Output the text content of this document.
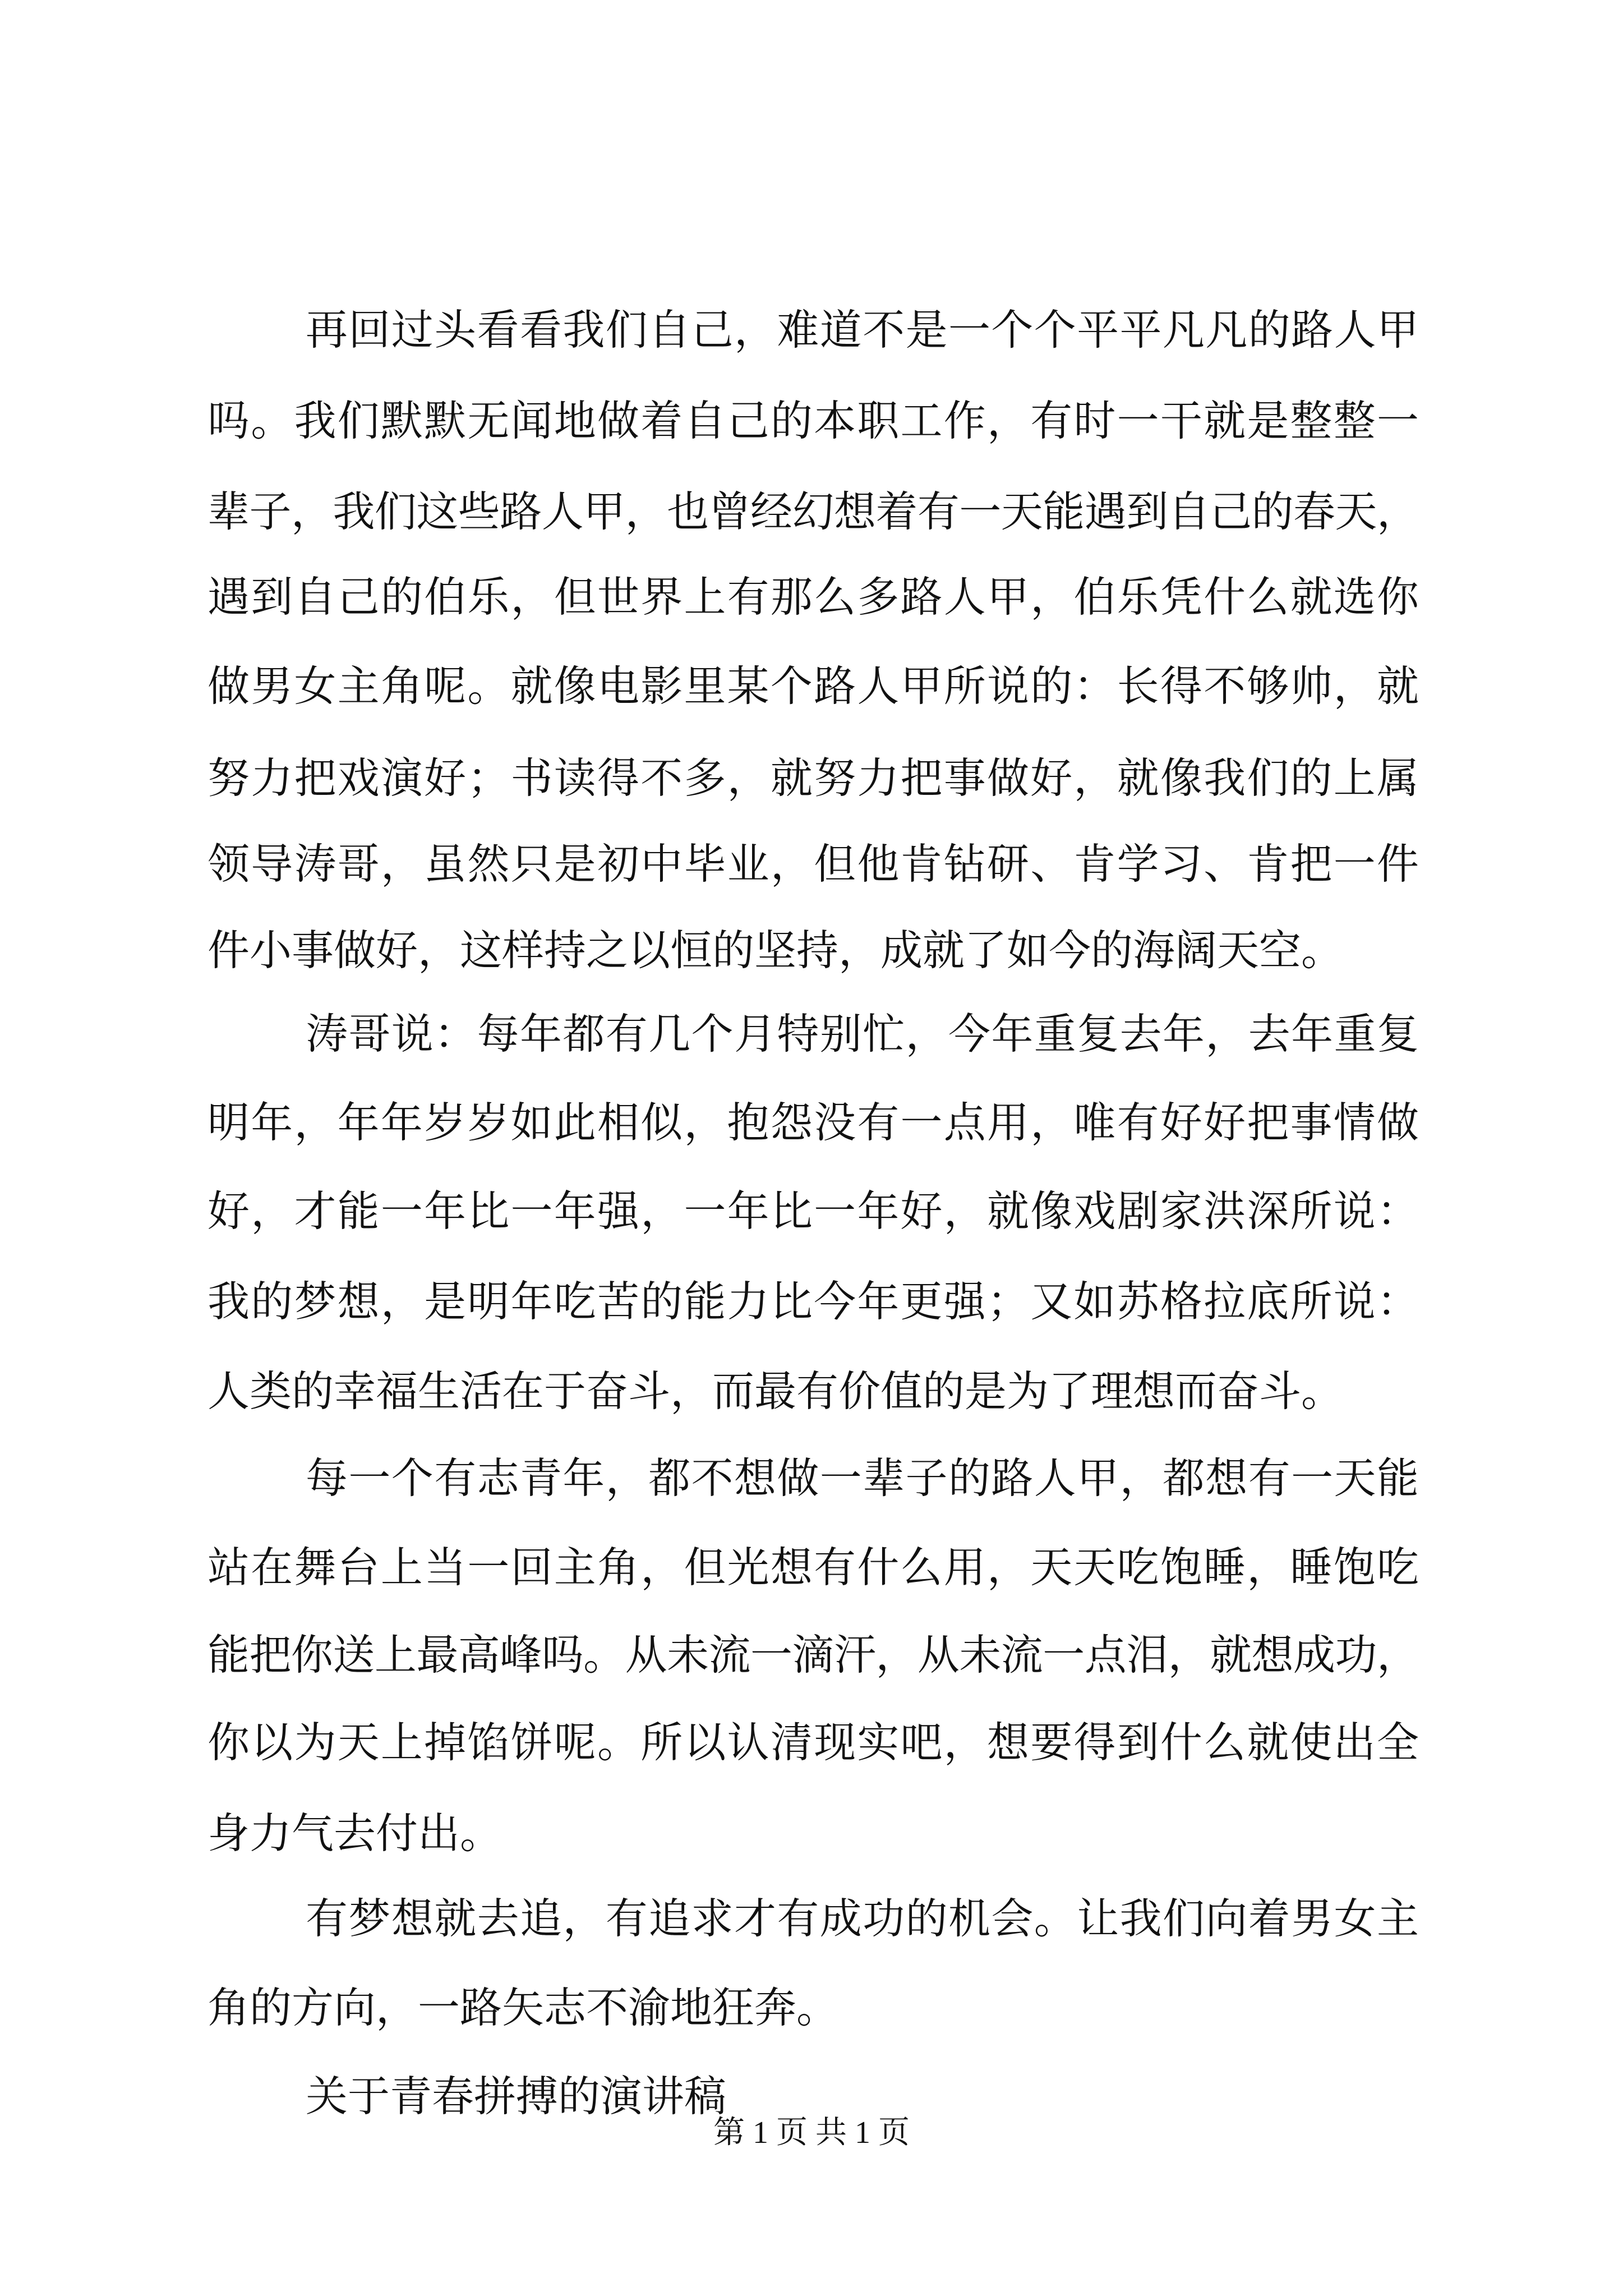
再回过头看看我们自己，难道不是一个个平平凡凡的路人甲
吗。我们默默无闻地做着自己的本职工作，有时一干就是整整一
辈子，我们这些路人甲，也曾经幻想着有一天能遇到自己的春天，
遇到自己的伯乐，但世界上有那么多路人甲，伯乐凭什么就选你
做男女主角呢。就像电影里某个路人甲所说的：长得不够帅，就
努力把戏演好；书读得不多，就努力把事做好，就像我们的上属
领导涛哥，虽然只是初中毕业，但他肯钻研、肯学习、肯把一件
件小事做好，这样持之以恒的坚持，成就了如今的海阔天空。
涛哥说：每年都有几个月特别忙，今年重复去年，去年重复
明年，年年岁岁如此相似，抱怨没有一点用，唯有好好把事情做
好，才能一年比一年强，一年比一年好，就像戏剧家洪深所说：
我的梦想，是明年吃苦的能力比今年更强；又如苏格拉底所说：
人类的幸福生活在于奋斗，而最有价值的是为了理想而奋斗。
每一个有志青年，都不想做一辈子的路人甲，都想有一天能
站在舞台上当一回主角，但光想有什么用，天天吃饱睡，睡饱吃
能把你送上最高峰吗。从未流一滴汗，从未流一点泪，就想成功，
你以为天上掉馅饼呢。所以认清现实吧，想要得到什么就使出全
身力气去付出。
有梦想就去追，有追求才有成功的机会。让我们向着男女主
角的方向，一路矢志不渝地狂奔。
关于青春拼搏的演讲稿
第 1 页 共 1 页
